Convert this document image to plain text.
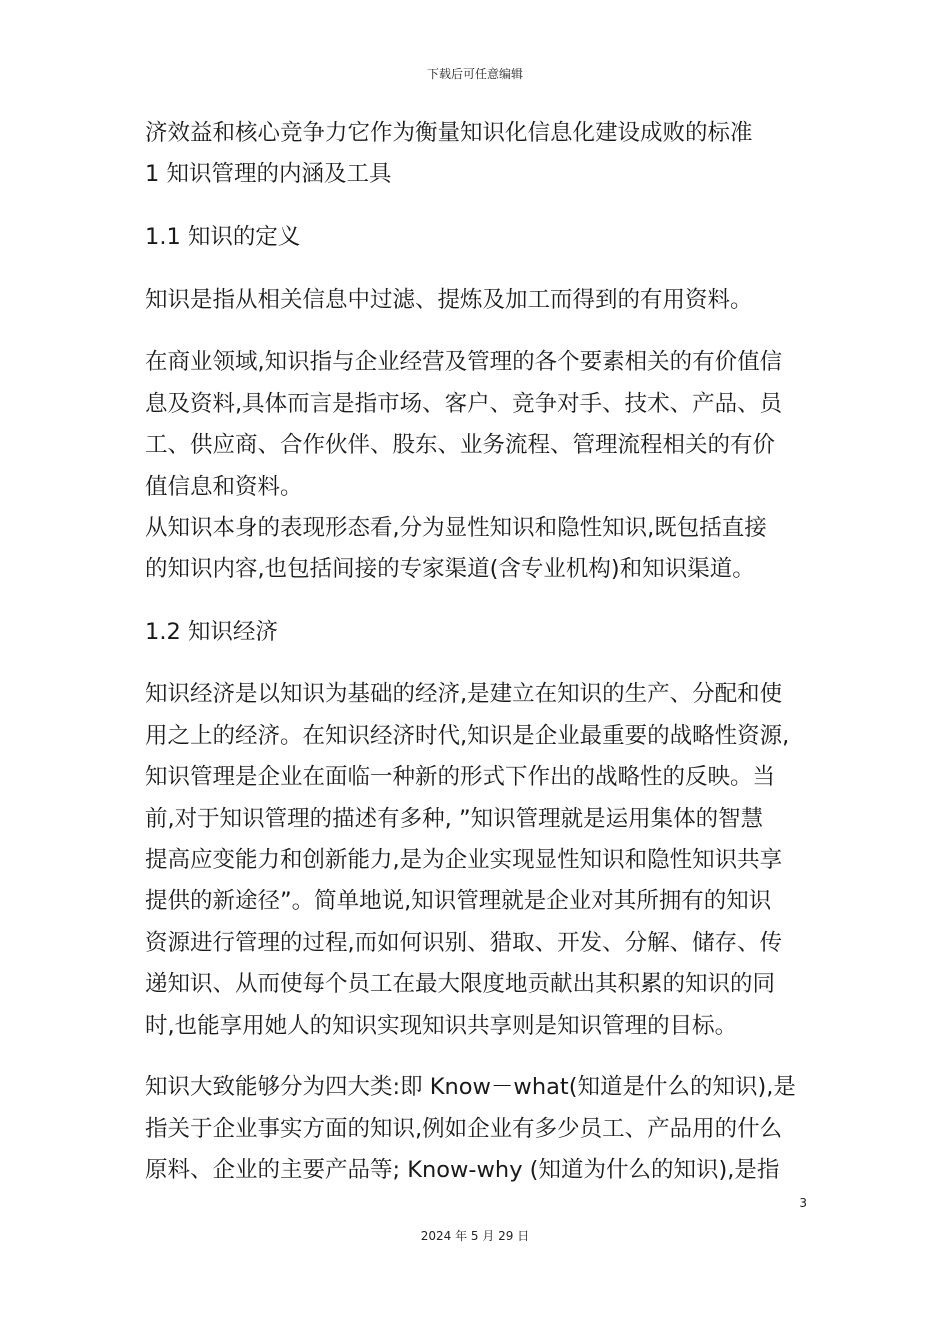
下载后可任意编辑
济效益和核心竞争力它作为衡量知识化信息化建设成败的标准
1 知识管理的内涵及工具
1.1 知识的定义
知识是指从相关信息中过滤、提炼及加工而得到的有用资料。
在商业领域,知识指与企业经营及管理的各个要素相关的有价值信
息及资料,具体而言是指市场、客户、竞争对手、技术、产品、员
工、供应商、合作伙伴、股东、业务流程、管理流程相关的有价
值信息和资料。
从知识本身的表现形态看,分为显性知识和隐性知识,既包括直接
的知识内容,也包括间接的专家渠道(含专业机构)和知识渠道。
1.2 知识经济
知识经济是以知识为基础的经济,是建立在知识的生产、分配和使
用之上的经济。在知识经济时代,知识是企业最重要的战略性资源,
知识管理是企业在面临一种新的形式下作出的战略性的反映。当
前,对于知识管理的描述有多种, ”知识管理就是运用集体的智慧
提高应变能力和创新能力,是为企业实现显性知识和隐性知识共享
提供的新途径”。简单地说,知识管理就是企业对其所拥有的知识
资源进行管理的过程,而如何识别、猎取、开发、分解、储存、传
递知识、从而使每个员工在最大限度地贡献出其积累的知识的同
时,也能享用她人的知识实现知识共享则是知识管理的目标。
知识大致能够分为四大类:即 Know－what(知道是什么的知识),是
指关于企业事实方面的知识,例如企业有多少员工、产品用的什么
原料、企业的主要产品等; Know-why (知道为什么的知识),是指
3
2024 年 5 月 29 日
